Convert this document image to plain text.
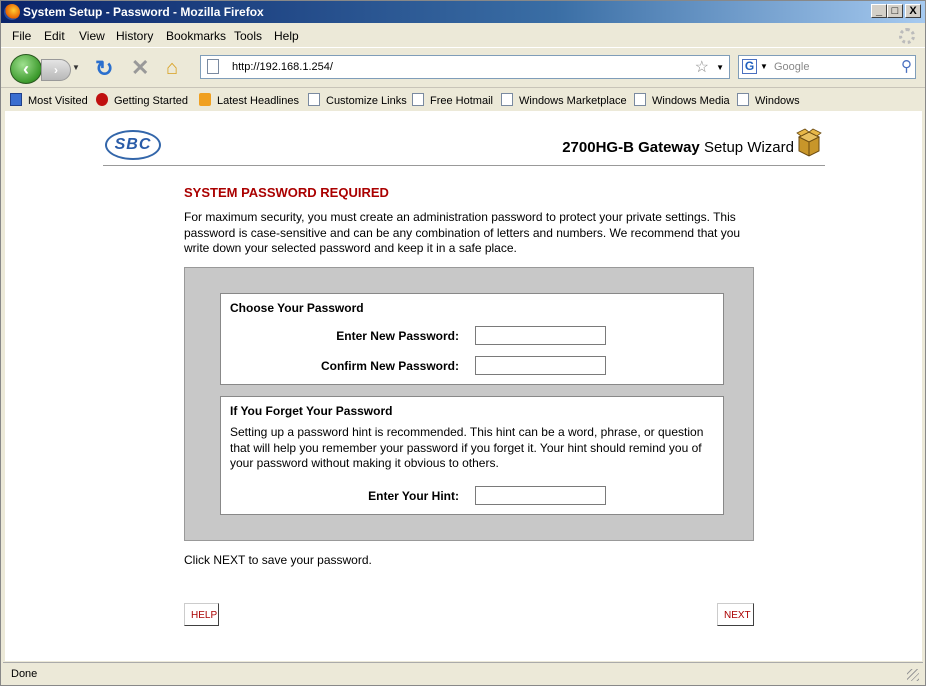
System Setup - Password - Mozilla Firefox	_ □	X
File Edit View History Bookmarks Tools Help
‹	›	▼ ↻ ✕ ⌂	http://192.168.1.254/	☆ ▼ G ▼ Google	⚲
Most Visited	Getting Started	Latest Headlines	Customize Links	Free Hotmail	Windows Marketplace	Windows Media	Windows
SBC	2700HG-B Gateway Setup Wizard
SYSTEM PASSWORD REQUIRED
For maximum security, you must create an administration password to protect your private settings. This password is case-sensitive and can be any combination of letters and numbers. We recommend that you write down your selected password and keep it in a safe place.
Choose Your Password
Enter New Password:
Confirm New Password:
If You Forget Your Password
Setting up a password hint is recommended. This hint can be a word, phrase, or question that will help you remember your password if you forget it. Your hint should remind you of your password without making it obvious to others.
Enter Your Hint:
Click NEXT to save your password.
HELP	NEXT
Done
